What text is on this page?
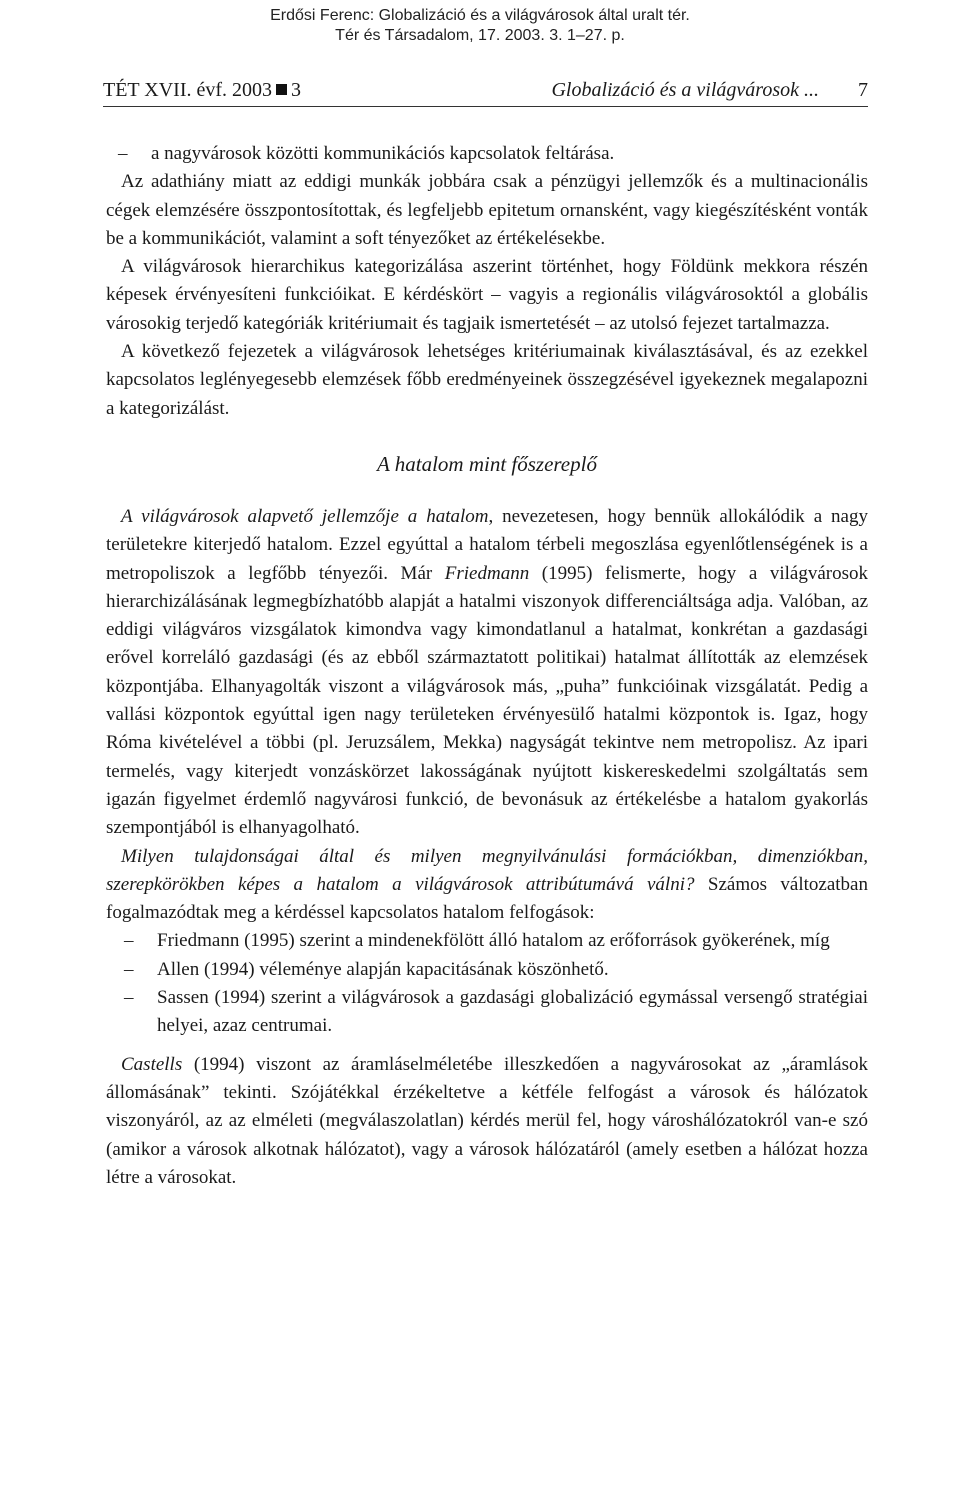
Erdősi Ferenc: Globalizáció és a világvárosok által uralt tér.
Tér és Társadalom, 17. 2003. 3. 1–27. p.
TÉT XVII. évf. 2003 3	Globalizáció és a világvárosok ... 7
–	a nagyvárosok közötti kommunikációs kapcsolatok feltárása.

Az adathiány miatt az eddigi munkák jobbára csak a pénzügyi jellemzők és a multinacionális cégek elemzésére összpontosítottak, és legfeljebb epitetum ornansként, vagy kiegészítésként vonták be a kommunikációt, valamint a soft tényezőket az értékelésekbe.

A világvárosok hierarchikus kategorizálása aszerint történhet, hogy Földünk mekkora részén képesek érvényesíteni funkcióikat. E kérdéskört – vagyis a regionális világvárosoktól a globális városokig terjedő kategóriák kritériumait és tagjaik ismertetését – az utolsó fejezet tartalmazza.

A következő fejezetek a világvárosok lehetséges kritériumainak kiválasztásával, és az ezekkel kapcsolatos leglényegesebb elemzések főbb eredményeinek összegzésével igyekeznek megalapozni a kategorizálást.

A hatalom mint főszereplő

A világvárosok alapvető jellemzője a hatalom, nevezetesen, hogy bennük allokálódik a nagy területekre kiterjedő hatalom. Ezzel egyúttal a hatalom térbeli megoszlása egyenlőtlenségének is a metropoliszok a legfőbb tényezői. Már Friedmann (1995) felismerte, hogy a világvárosok hierarchizálásának legmegbízhatóbb alapját a hatalmi viszonyok differenciáltsága adja. Valóban, az eddigi világváros vizsgálatok kimondva vagy kimondatlanul a hatalmat, konkrétan a gazdasági erővel korreláló gazdasági (és az ebből származtatott politikai) hatalmat állították az elemzések központjába. Elhanyagolták viszont a világvárosok más, „puha” funkcióinak vizsgálatát. Pedig a vallási központok egyúttal igen nagy területeken érvényesülő hatalmi központok is. Igaz, hogy Róma kivételével a többi (pl. Jeruzsálem, Mekka) nagyságát tekintve nem metropolisz. Az ipari termelés, vagy kiterjedt vonzáskörzet lakosságának nyújtott kiskereskedelmi szolgáltatás sem igazán figyelmet érdemlő nagyvárosi funkció, de bevonásuk az értékelésbe a hatalom gyakorlás szempontjából is elhanyagolható.

Milyen tulajdonságai által és milyen megnyilvánulási formációkban, dimenziókban, szerepkörökben képes a hatalom a világvárosok attribútumává válni? Számos változatban fogalmazódtak meg a kérdéssel kapcsolatos hatalom felfogások:

–	Friedmann (1995) szerint a mindenekfölött álló hatalom az erőforrások gyökerének, míg
–	Allen (1994) véleménye alapján kapacitásának köszönhető.
–	Sassen (1994) szerint a világvárosok a gazdasági globalizáció egymással versengő stratégiai helyei, azaz centrumai.

Castells (1994) viszont az áramláselméletébe illeszkedően a nagyvárosokat az „áramlások állomásának” tekinti. Szójátékkal érzékeltetve a kétféle felfogást a városok és hálózatok viszonyáról, az az elméleti (megválaszolatlan) kérdés merül fel, hogy városhálózatokról van-e szó (amikor a városok alkotnak hálózatot), vagy a városok hálózatáról (amely esetben a hálózat hozza létre a városokat.
